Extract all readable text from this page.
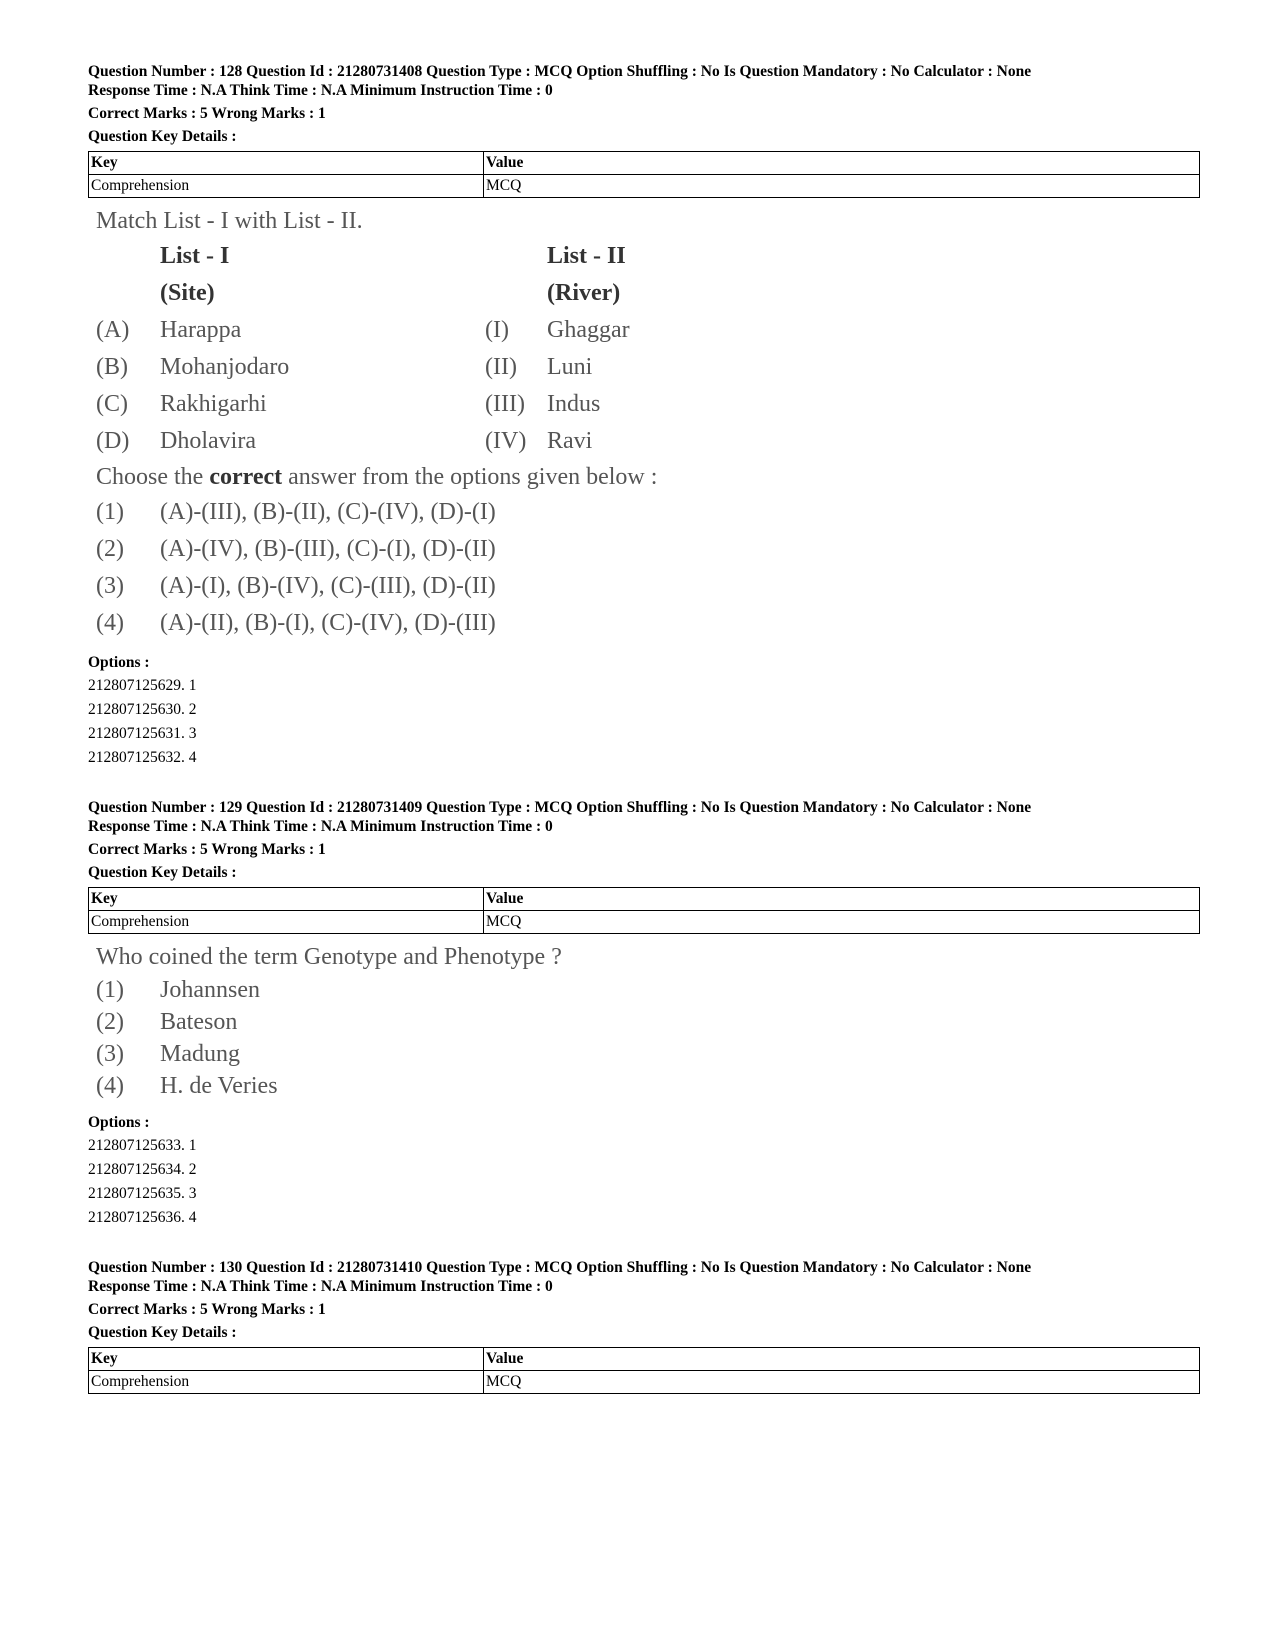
Question Number : 128 Question Id : 21280731408 Question Type : MCQ Option Shuffling : No Is Question Mandatory : No Calculator : None
Response Time : N.A Think Time : N.A Minimum Instruction Time : 0
Correct Marks : 5 Wrong Marks : 1
Question Key Details :
Key	Value
Comprehension	MCQ
Match List - I with List - II.
List - I	List - II
(Site)	(River)
(A)	Harappa	(I)	Ghaggar
(B)	Mohanjodaro	(II)	Luni
(C)	Rakhigarhi	(III) Indus
(D)	Dholavira	(IV) Ravi
Choose the correct answer from the options given below :
(1)	(A)-(III), (B)-(II), (C)-(IV), (D)-(I)
(2)	(A)-(IV), (B)-(III), (C)-(I), (D)-(II)
(3)	(A)-(I), (B)-(IV), (C)-(III), (D)-(II)
(4)	(A)-(II), (B)-(I), (C)-(IV), (D)-(III)
Options :
212807125629. 1
212807125630. 2
212807125631. 3
212807125632. 4
Question Number : 129 Question Id : 21280731409 Question Type : MCQ Option Shuffling : No Is Question Mandatory : No Calculator : None
Response Time : N.A Think Time : N.A Minimum Instruction Time : 0
Correct Marks : 5 Wrong Marks : 1
Question Key Details :
Key	Value
Comprehension	MCQ
Who coined the term Genotype and Phenotype ?
(1)	Johannsen
(2)	Bateson
(3)	Madung
(4)	H. de Veries
Options :
212807125633. 1
212807125634. 2
212807125635. 3
212807125636. 4
Question Number : 130 Question Id : 21280731410 Question Type : MCQ Option Shuffling : No Is Question Mandatory : No Calculator : None
Response Time : N.A Think Time : N.A Minimum Instruction Time : 0
Correct Marks : 5 Wrong Marks : 1
Question Key Details :
Key	Value
Comprehension	MCQ
